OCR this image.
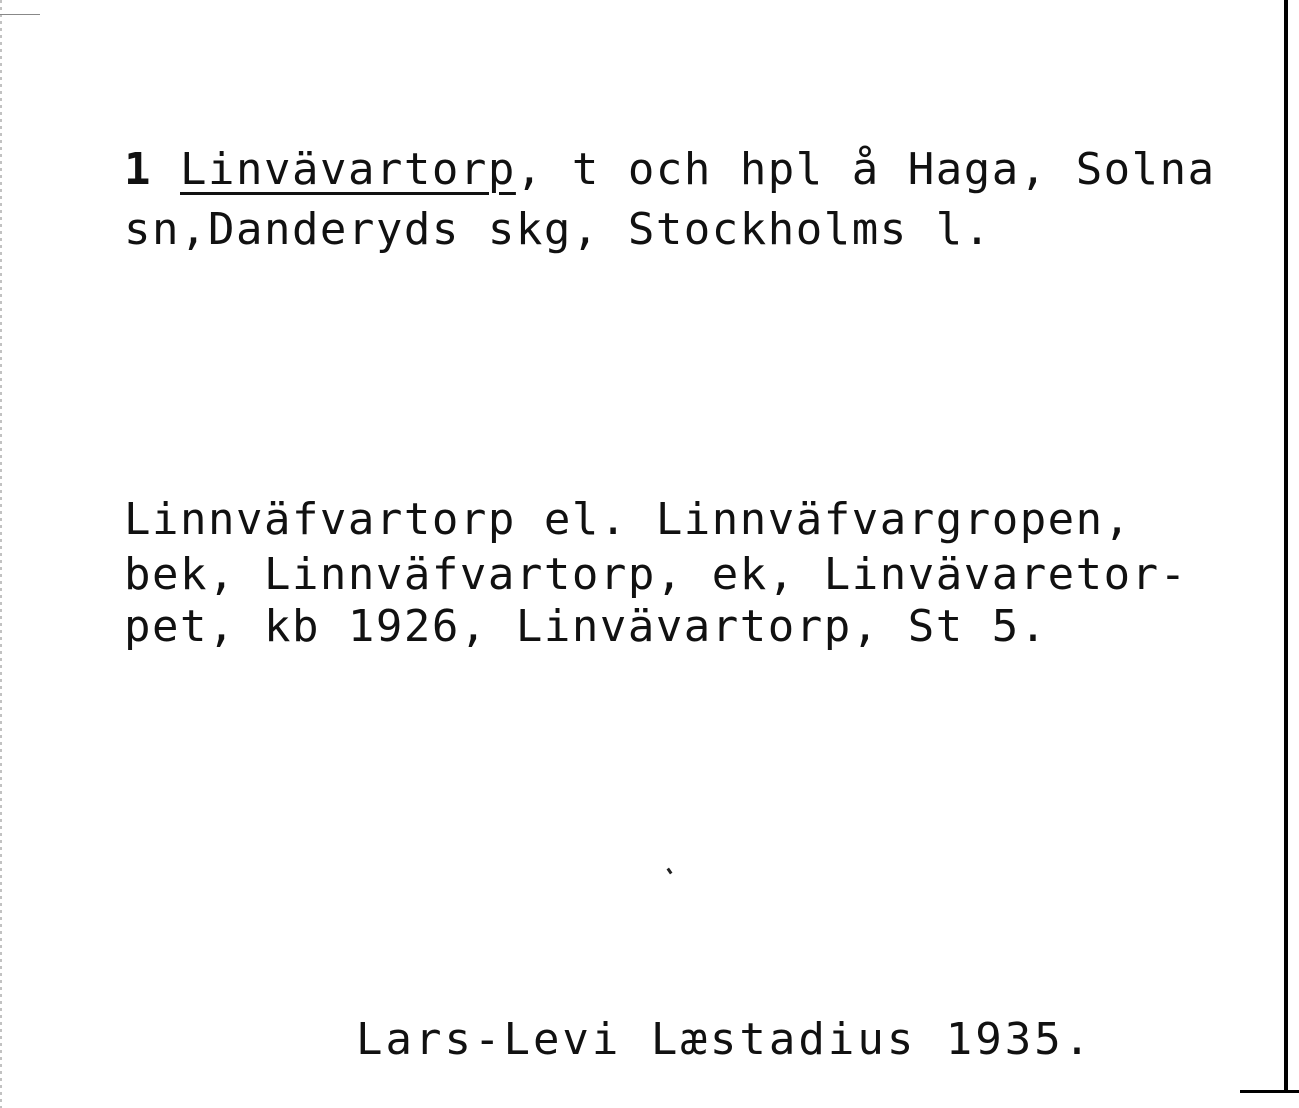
1 Linvävartorp, t och hpl å Haga, Solna
sn,Danderyds skg, Stockholms l.
Linnväfvartorp el. Linnväfvargropen,
bek, Linnväfvartorp, ek, Linvävaretor-
pet, kb 1926, Linvävartorp, St 5.
Lars-Levi Læstadius 1935.
